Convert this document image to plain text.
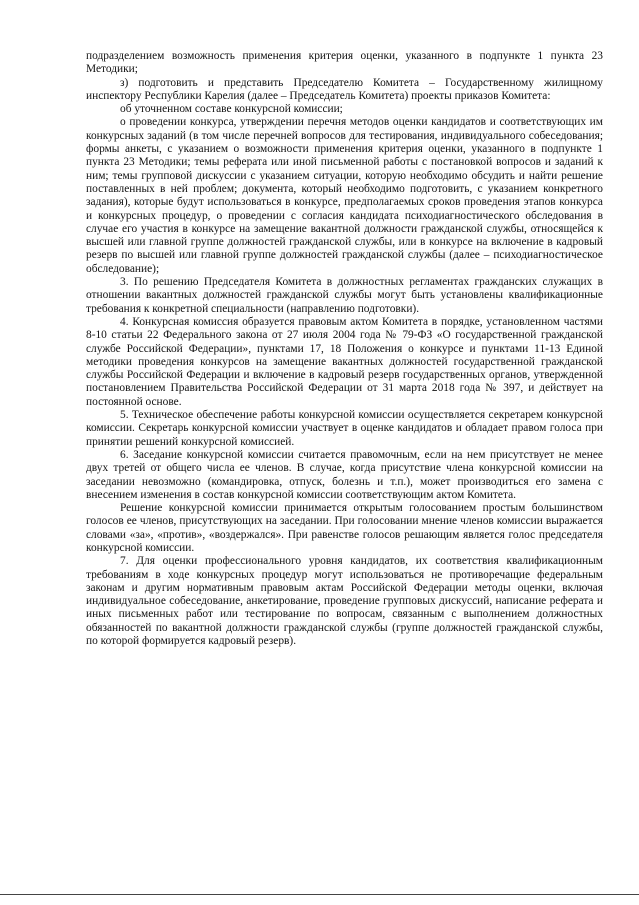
подразделением возможность применения критерия оценки, указанного в подпункте 1 пункта 23 Методики;

з) подготовить и представить Председателю Комитета – Государственному жилищному инспектору Республики Карелия (далее – Председатель Комитета) проекты приказов Комитета:

об уточненном составе конкурсной комиссии;

о проведении конкурса, утверждении перечня методов оценки кандидатов и соответствующих им конкурсных заданий (в том числе перечней вопросов для тестирования, индивидуального собеседования; формы анкеты, с указанием о возможности применения критерия оценки, указанного в подпункте 1 пункта 23 Методики; темы реферата или иной письменной работы с постановкой вопросов и заданий к ним; темы групповой дискуссии с указанием ситуации, которую необходимо обсудить и найти решение поставленных в ней проблем; документа, который необходимо подготовить, с указанием конкретного задания), которые будут использоваться в конкурсе, предполагаемых сроков проведения этапов конкурса и конкурсных процедур, о проведении с согласия кандидата психодиагностического обследования в случае его участия в конкурсе на замещение вакантной должности гражданской службы, относящейся к высшей или главной группе должностей гражданской службы, или в конкурсе на включение в кадровый резерв по высшей или главной группе должностей гражданской службы (далее – психодиагностическое обследование);

3. По решению Председателя Комитета в должностных регламентах гражданских служащих в отношении вакантных должностей гражданской службы могут быть установлены квалификационные требования к конкретной специальности (направлению подготовки).

4. Конкурсная комиссия образуется правовым актом Комитета в порядке, установленном частями 8-10 статьи 22 Федерального закона от 27 июля 2004 года № 79-ФЗ «О государственной гражданской службе Российской Федерации», пунктами 17, 18 Положения о конкурсе и пунктами 11-13 Единой методики проведения конкурсов на замещение вакантных должностей государственной гражданской службы Российской Федерации и включение в кадровый резерв государственных органов, утвержденной постановлением Правительства Российской Федерации от 31 марта 2018 года № 397, и действует на постоянной основе.

5. Техническое обеспечение работы конкурсной комиссии осуществляется секретарем конкурсной комиссии. Секретарь конкурсной комиссии участвует в оценке кандидатов и обладает правом голоса при принятии решений конкурсной комиссией.

6. Заседание конкурсной комиссии считается правомочным, если на нем присутствует не менее двух третей от общего числа ее членов. В случае, когда присутствие члена конкурсной комиссии на заседании невозможно (командировка, отпуск, болезнь и т.п.), может производиться его замена с внесением изменения в состав конкурсной комиссии соответствующим актом Комитета.

Решение конкурсной комиссии принимается открытым голосованием простым большинством голосов ее членов, присутствующих на заседании. При голосовании мнение членов комиссии выражается словами «за», «против», «воздержался». При равенстве голосов решающим является голос председателя конкурсной комиссии.

7. Для оценки профессионального уровня кандидатов, их соответствия квалификационным требованиям в ходе конкурсных процедур могут использоваться не противоречащие федеральным законам и другим нормативным правовым актам Российской Федерации методы оценки, включая индивидуальное собеседование, анкетирование, проведение групповых дискуссий, написание реферата и иных письменных работ или тестирование по вопросам, связанным с выполнением должностных обязанностей по вакантной должности гражданской службы (группе должностей гражданской службы, по которой формируется кадровый резерв).
